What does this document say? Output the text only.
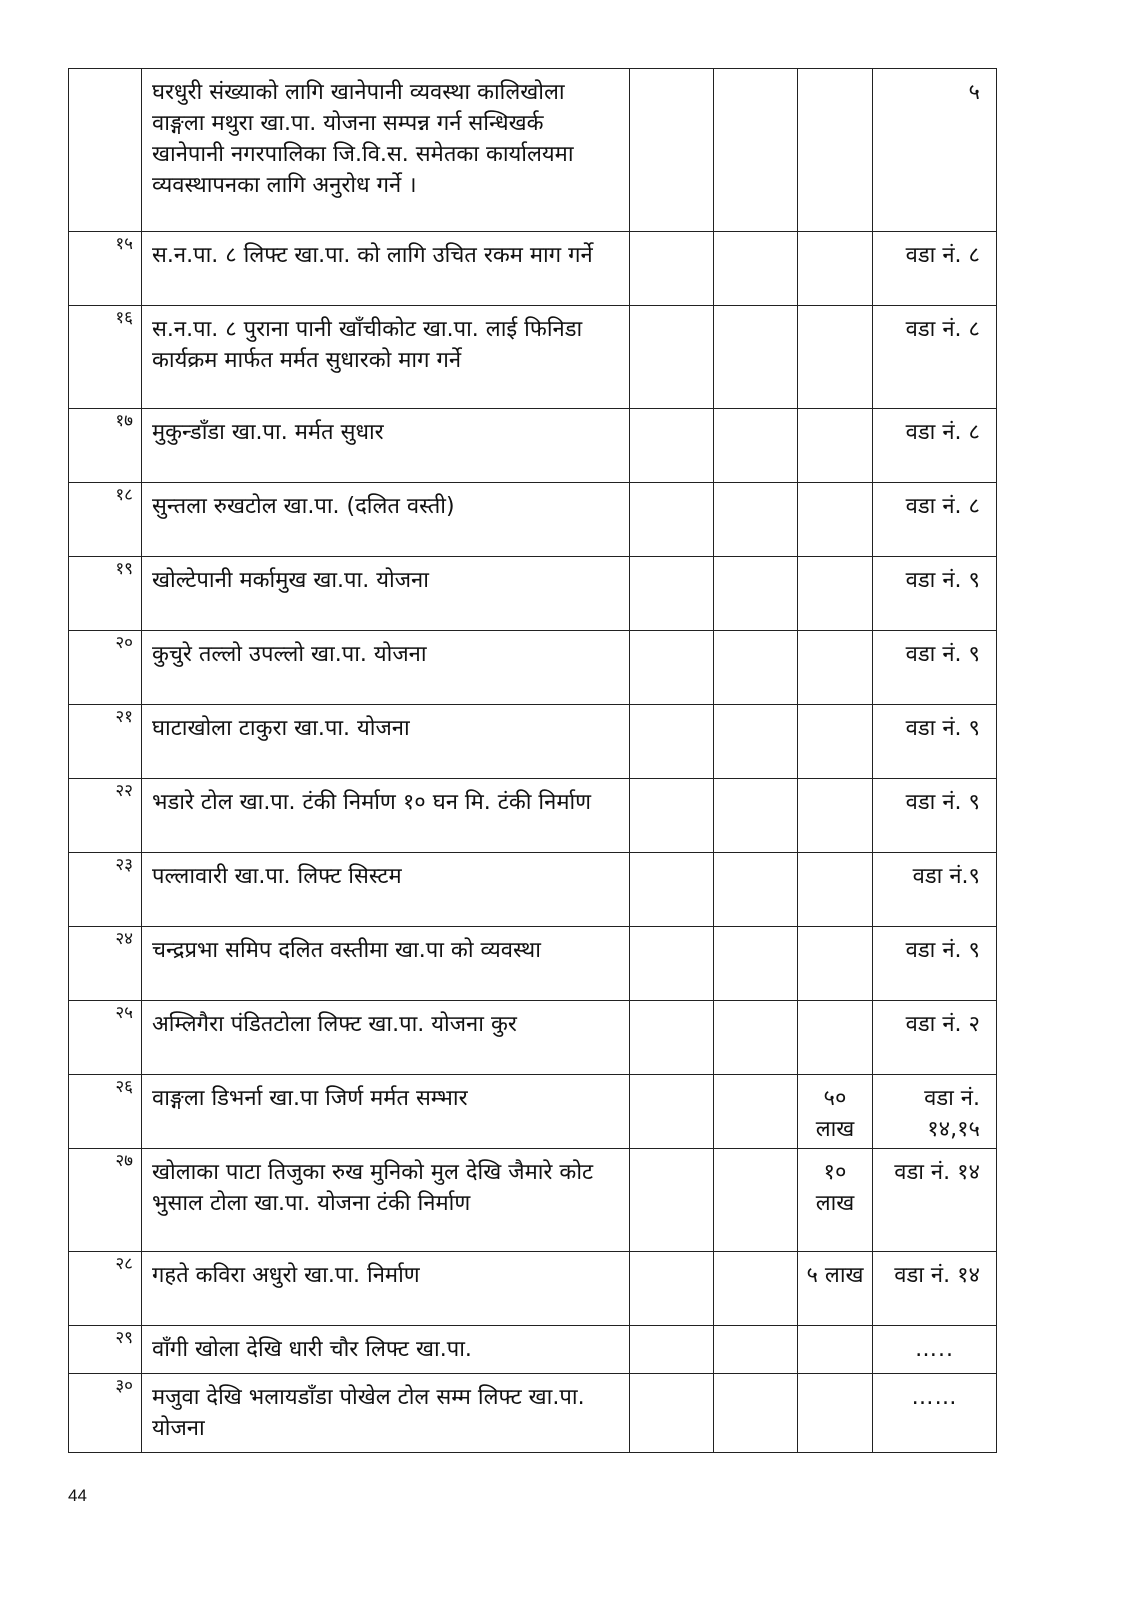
	घरधुरी संख्याको लागि खानेपानी व्यवस्था कालिखोला वाङ्गला मथुरा खा.पा. योजना सम्पन्न गर्न सन्धिखर्क खानेपानी नगरपालिका जि.वि.स. समेतका कार्यालयमा व्यवस्थापनका लागि अनुरोध गर्ने ।				५

१५	स.न.पा. ८ लिफ्ट खा.पा. को लागि उचित रकम माग गर्ने				वडा नं. ८

१६	स.न.पा. ८ पुराना पानी खाँचीकोट खा.पा. लाई फिनिडा कार्यक्रम मार्फत मर्मत सुधारको माग गर्ने				वडा नं. ८

१७	मुकुन्डाँडा खा.पा. मर्मत सुधार				वडा नं. ८

१८	सुन्तला रुखटोल खा.पा. (दलित वस्ती)				वडा नं. ८

१९	खोल्टेपानी मर्कामुख खा.पा. योजना				वडा नं. ९

२०	कुचुरे तल्लो उपल्लो खा.पा. योजना				वडा नं. ९

२१	घाटाखोला टाकुरा खा.पा. योजना				वडा नं. ९

२२	भडारे टोल खा.पा. टंकी निर्माण १० घन मि. टंकी निर्माण				वडा नं. ९

२३	पल्लावारी खा.पा. लिफ्ट सिस्टम				वडा नं.९

२४	चन्द्रप्रभा समिप दलित वस्तीमा खा.पा को व्यवस्था				वडा नं. ९

२५	अम्लिगैरा पंडितटोला लिफ्ट खा.पा. योजना कुर				वडा नं. २

२६	वाङ्गला डिभर्ना खा.पा जिर्ण मर्मत सम्भार			५० लाख	वडा नं. १४,१५

२७	खोलाका पाटा तिजुका रुख मुनिको मुल देखि जैमारे कोट भुसाल टोला खा.पा. योजना टंकी निर्माण			१० लाख	वडा नं. १४

२८	गहते कविरा अधुरो खा.पा. निर्माण			५ लाख	वडा नं. १४

२९	वाँगी खोला देखि धारी चौर लिफ्ट खा.पा.				…..

३०	मजुवा देखि भलायडाँडा पोखेल टोल सम्म लिफ्ट खा.पा. योजना				……
44
